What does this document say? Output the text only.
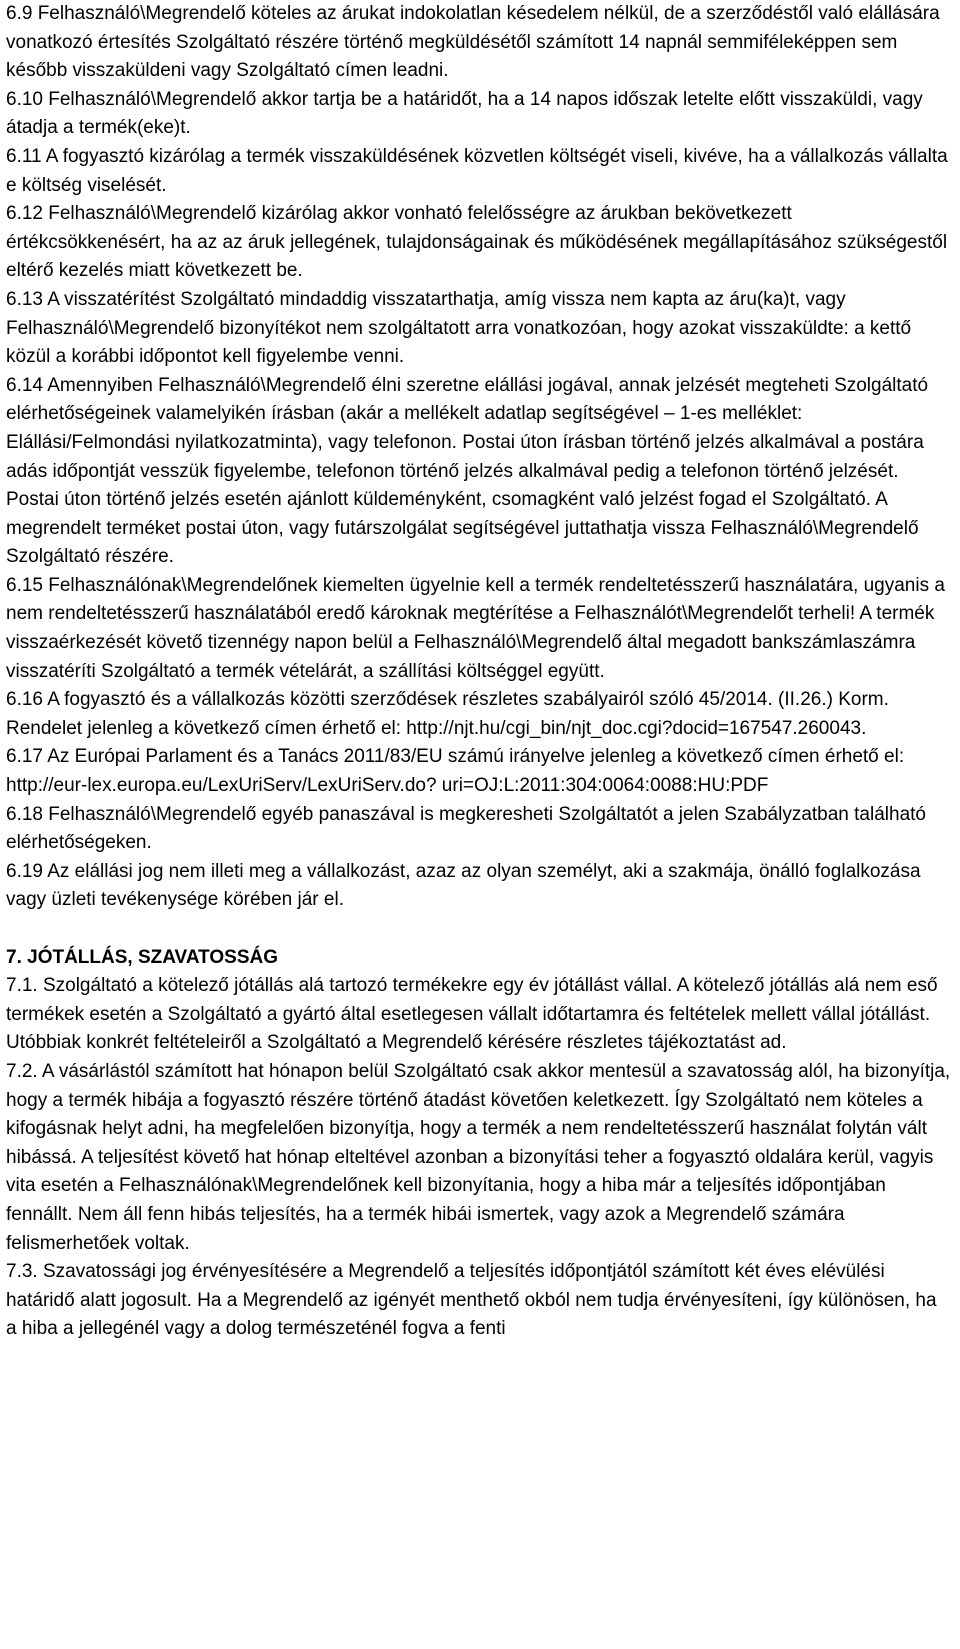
6.9 Felhasználó\Megrendelő köteles az árukat indokolatlan késedelem nélkül, de a szerződéstől való elállására vonatkozó értesítés Szolgáltató részére történő megküldésétől számított 14 napnál semmiféleképpen sem később visszaküldeni vagy Szolgáltató címen leadni.

6.10 Felhasználó\Megrendelő akkor tartja be a határidőt, ha a 14 napos időszak letelte előtt visszaküldi, vagy átadja a termék(eke)t.

6.11 A fogyasztó kizárólag a termék visszaküldésének közvetlen költségét viseli, kivéve, ha a vállalkozás vállalta e költség viselését.

6.12 Felhasználó\Megrendelő kizárólag akkor vonható felelősségre az árukban bekövetkezett értékcsökkenésért, ha az az áruk jellegének, tulajdonságainak és működésének megállapításához szükségestől eltérő kezelés miatt következett be.

6.13 A visszatérítést Szolgáltató mindaddig visszatarthatja, amíg vissza nem kapta az áru(ka)t, vagy Felhasználó\Megrendelő bizonyítékot nem szolgáltatott arra vonatkozóan, hogy azokat visszaküldte: a kettő közül a korábbi időpontot kell figyelembe venni.

6.14 Amennyiben Felhasználó\Megrendelő élni szeretne elállási jogával, annak jelzését megteheti Szolgáltató elérhetőségeinek valamelyikén írásban (akár a mellékelt adatlap segítségével – 1-es melléklet: Elállási/Felmondási nyilatkozatminta), vagy telefonon. Postai úton írásban történő jelzés alkalmával a postára adás időpontját vesszük figyelembe, telefonon történő jelzés alkalmával pedig a telefonon történő jelzését. Postai úton történő jelzés esetén ajánlott küldeményként, csomagként való jelzést fogad el Szolgáltató. A megrendelt terméket postai úton, vagy futárszolgálat segítségével juttathatja vissza Felhasználó\Megrendelő Szolgáltató részére.

6.15 Felhasználónak\Megrendelőnek kiemelten ügyelnie kell a termék rendeltetésszerű használatára, ugyanis a nem rendeltetésszerű használatából eredő károknak megtérítése a Felhasználót\Megrendelőt terheli! A termék visszaérkezését követő tizennégy napon belül a Felhasználó\Megrendelő által megadott bankszámlaszámra visszatéríti Szolgáltató a termék vételárát, a szállítási költséggel együtt.

6.16 A fogyasztó és a vállalkozás közötti szerződések részletes szabályairól szóló 45/2014. (II.26.) Korm. Rendelet jelenleg a következő címen érhető el: http://njt.hu/cgi_bin/njt_doc.cgi?docid=167547.260043.

6.17 Az Európai Parlament és a Tanács 2011/83/EU számú irányelve jelenleg a következő címen érhető el: http://eur-lex.europa.eu/LexUriServ/LexUriServ.do? uri=OJ:L:2011:304:0064:0088:HU:PDF

6.18 Felhasználó\Megrendelő egyéb panaszával is megkeresheti Szolgáltatót a jelen Szabályzatban található elérhetőségeken.

6.19 Az elállási jog nem illeti meg a vállalkozást, azaz az olyan személyt, aki a szakmája, önálló foglalkozása vagy üzleti tevékenysége körében jár el.

7. JÓTÁLLÁS, SZAVATOSSÁG

7.1. Szolgáltató a kötelező jótállás alá tartozó termékekre egy év jótállást vállal. A kötelező jótállás alá nem eső termékek esetén a Szolgáltató a gyártó által esetlegesen vállalt időtartamra és feltételek mellett vállal jótállást. Utóbbiak konkrét feltételeiről a Szolgáltató a Megrendelő kérésére részletes tájékoztatást ad.

7.2. A vásárlástól számított hat hónapon belül Szolgáltató csak akkor mentesül a szavatosság alól, ha bizonyítja, hogy a termék hibája a fogyasztó részére történő átadást követően keletkezett. Így Szolgáltató nem köteles a kifogásnak helyt adni, ha megfelelően bizonyítja, hogy a termék a nem rendeltetésszerű használat folytán vált hibássá. A teljesítést követő hat hónap elteltével azonban a bizonyítási teher a fogyasztó oldalára kerül, vagyis vita esetén a Felhasználónak\Megrendelőnek kell bizonyítania, hogy a hiba már a teljesítés időpontjában fennállt. Nem áll fenn hibás teljesítés, ha a termék hibái ismertek, vagy azok a Megrendelő számára felismerhetőek voltak.

7.3. Szavatossági jog érvényesítésére a Megrendelő a teljesítés időpontjától számított két éves elévülési határidő alatt jogosult. Ha a Megrendelő az igényét menthető okból nem tudja érvényesíteni, így különösen, ha a hiba a jellegénél vagy a dolog természeténél fogva a fenti
